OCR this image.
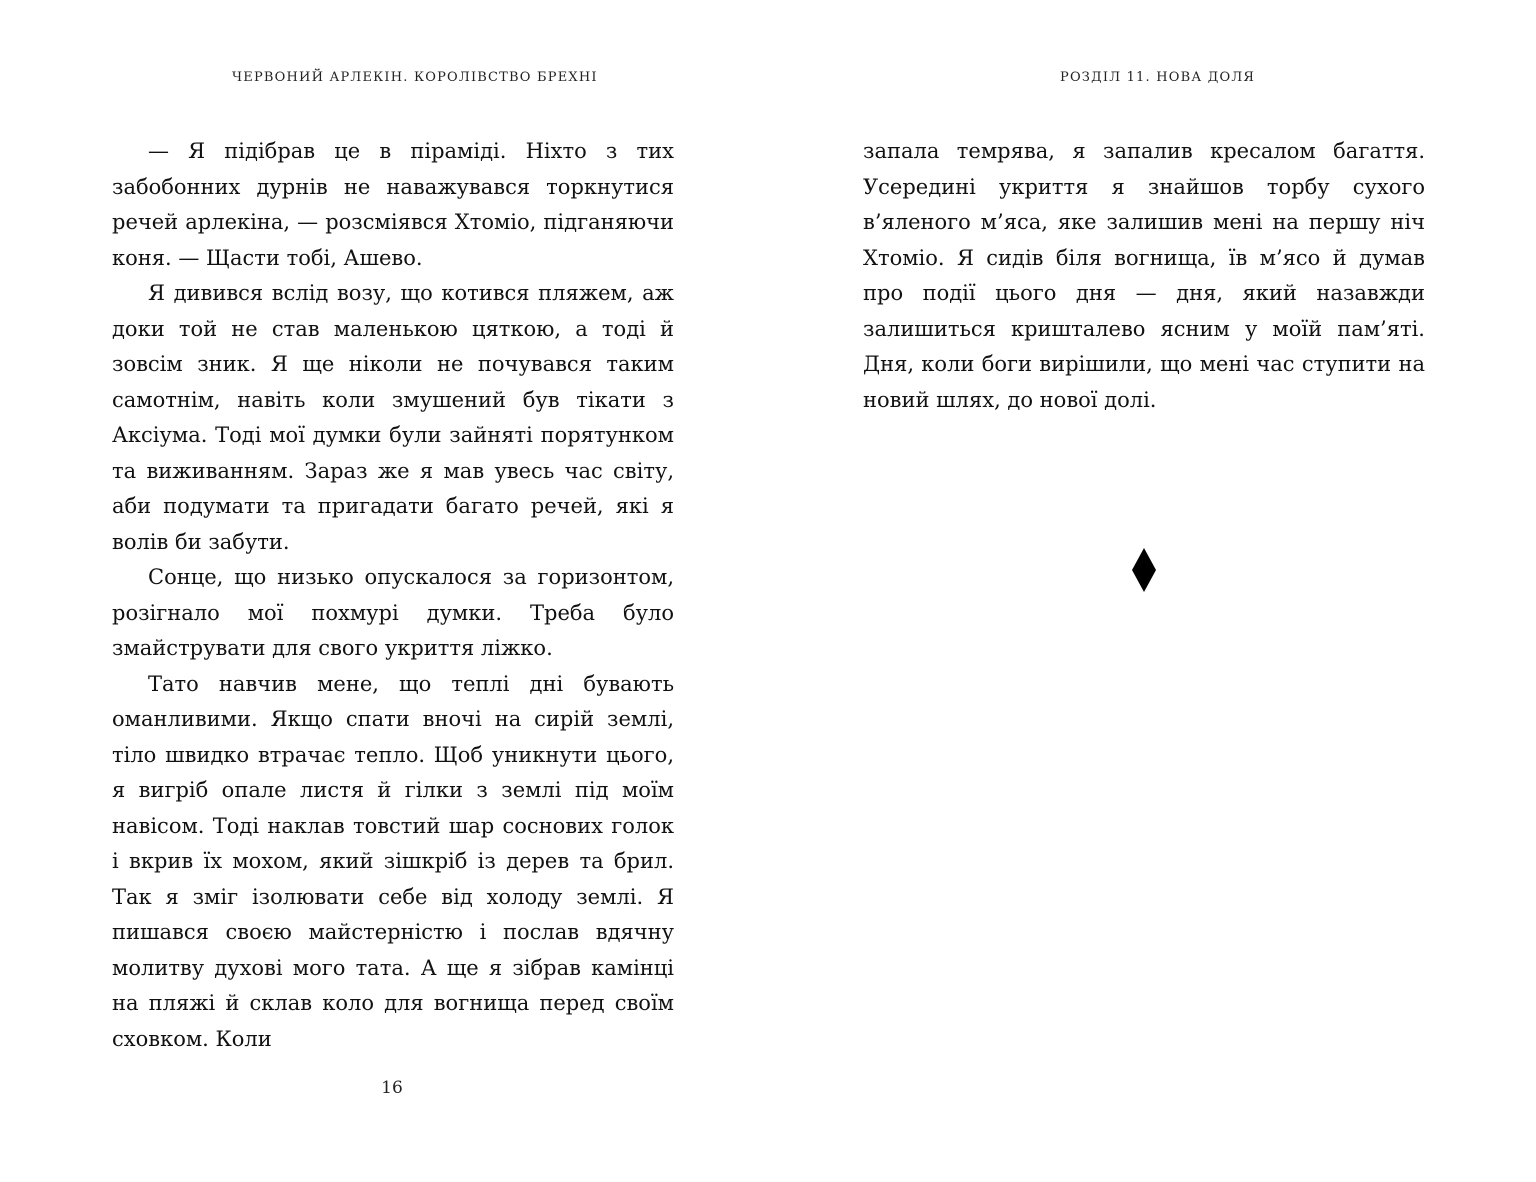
ЧЕРВОНИЙ АРЛЕКІН. КОРОЛІВСТВО БРЕХНІ

— Я підібрав це в піраміді. Ніхто з тих забобонних дурнів не наважувався торкнутися речей арлекіна, — розсміявся Хтоміо, підганяючи коня. — Щасти тобі, Ашево.

Я дивився вслід возу, що котився пляжем, аж доки той не став маленькою цяткою, а тоді й зовсім зник. Я ще ніколи не почувався таким самотнім, навіть коли змушений був тікати з Аксіума. Тоді мої думки були зайняті порятунком та виживанням. Зараз же я мав увесь час світу, аби подумати та пригадати багато речей, які я волів би забути.

Сонце, що низько опускалося за горизонтом, розігнало мої похмурі думки. Треба було змайструвати для свого укриття ліжко.

Тато навчив мене, що теплі дні бувають оманливими. Якщо спати вночі на сирій землі, тіло швидко втрачає тепло. Щоб уникнути цього, я вигріб опале листя й гілки з землі під моїм навісом. Тоді наклав товстий шар соснових голок і вкрив їх мохом, який зішкріб із дерев та брил. Так я зміг ізолювати себе від холоду землі. Я пишався своєю майстерністю і послав вдячну молитву духові мого тата. А ще я зібрав камінці на пляжі й склав коло для вогнища перед своїм сховком. Коли

16
РОЗДІЛ 11. НОВА ДОЛЯ

запала темрява, я запалив кресалом багаття. Усередині укриття я знайшов торбу сухого в’яленого м’яса, яке залишив мені на першу ніч Хтоміо. Я сидів біля вогнища, їв м’ясо й думав про події цього дня — дня, який назавжди залишиться кришталево ясним у моїй пам’яті. Дня, коли боги вирішили, що мені час ступити на новий шлях, до нової долі.
